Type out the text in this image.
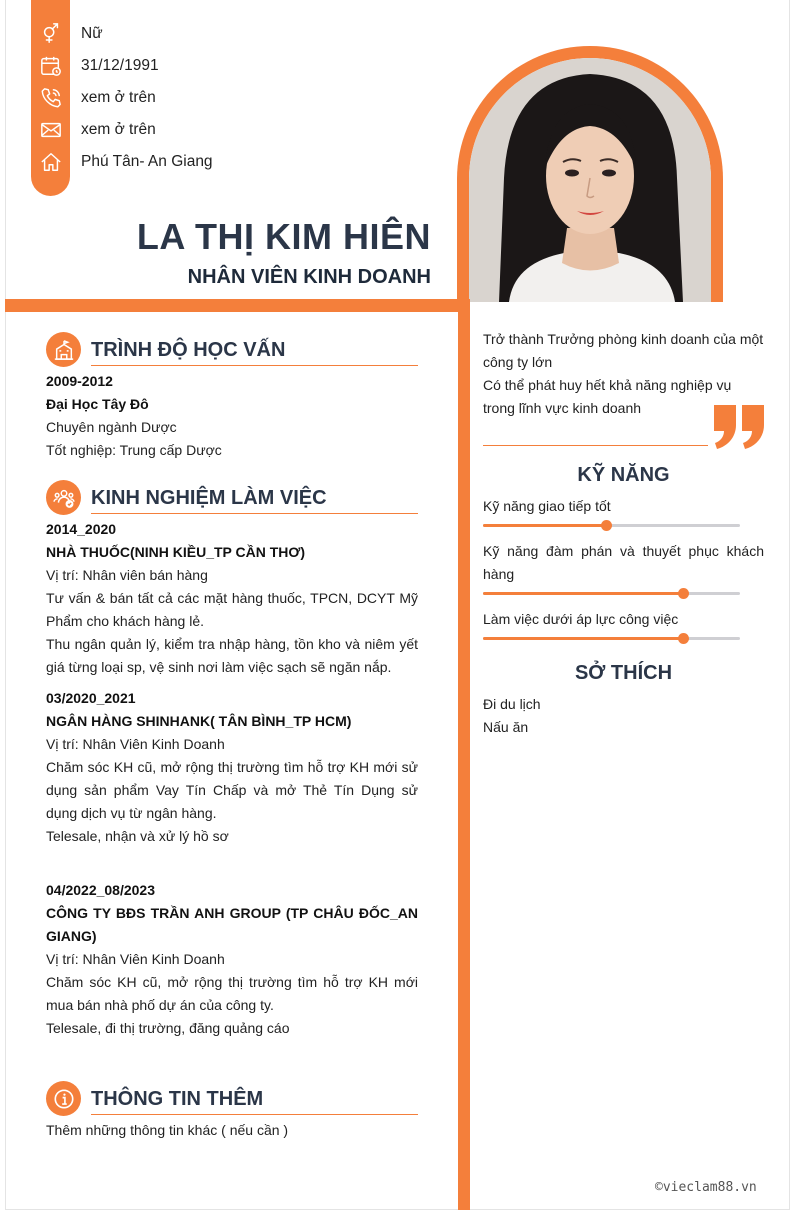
Nữ
31/12/1991
xem ở trên
xem ở trên
Phú Tân- An Giang
LA THỊ KIM HIÊN
NHÂN VIÊN KINH DOANH
TRÌNH ĐỘ HỌC VẤN
2009-2012
Đại Học Tây Đô
Chuyên ngành Dược
Tốt nghiệp: Trung cấp Dược
KINH NGHIỆM LÀM VIỆC
2014_2020
NHÀ THUỐC(NINH KIỀU_TP CẦN THƠ)
Vị trí: Nhân viên bán hàng
Tư vấn & bán tất cả các mặt hàng thuốc, TPCN, DCYT Mỹ Phẩm cho khách hàng lẻ.
Thu ngân quản lý, kiểm tra nhập hàng, tồn kho và niêm yết giá từng loại sp, vệ sinh nơi làm việc sạch sẽ ngăn nắp.
03/2020_2021
NGÂN HÀNG SHINHANK( TÂN BÌNH_TP HCM)
Vị trí: Nhân Viên Kinh Doanh
Chăm sóc KH cũ, mở rộng thị trường tìm hỗ trợ KH mới sử dụng sản phẩm Vay Tín Chấp và mở Thẻ Tín Dụng sử dụng dịch vụ từ ngân hàng.
Telesale, nhận và xử lý hồ sơ
04/2022_08/2023
CÔNG TY BĐS TRẦN ANH GROUP (TP CHÂU ĐỐC_AN GIANG)
Vị trí: Nhân Viên Kinh Doanh
Chăm sóc KH cũ, mở rộng thị trường tìm hỗ trợ KH mới mua bán nhà phố dự án của công ty.
Telesale, đi thị trường, đăng quảng cáo
THÔNG TIN THÊM
Thêm những thông tin khác ( nếu cần )
Trở thành Trưởng phòng kinh doanh của một công ty lớn
Có thể phát huy hết khả năng nghiệp vụ trong lĩnh vực kinh doanh
KỸ NĂNG
Kỹ năng giao tiếp tốt
Kỹ năng đàm phán và thuyết phục khách hàng
Làm việc dưới áp lực công việc
SỞ THÍCH
Đi du lịch
Nấu ăn
©vieclam88.vn
